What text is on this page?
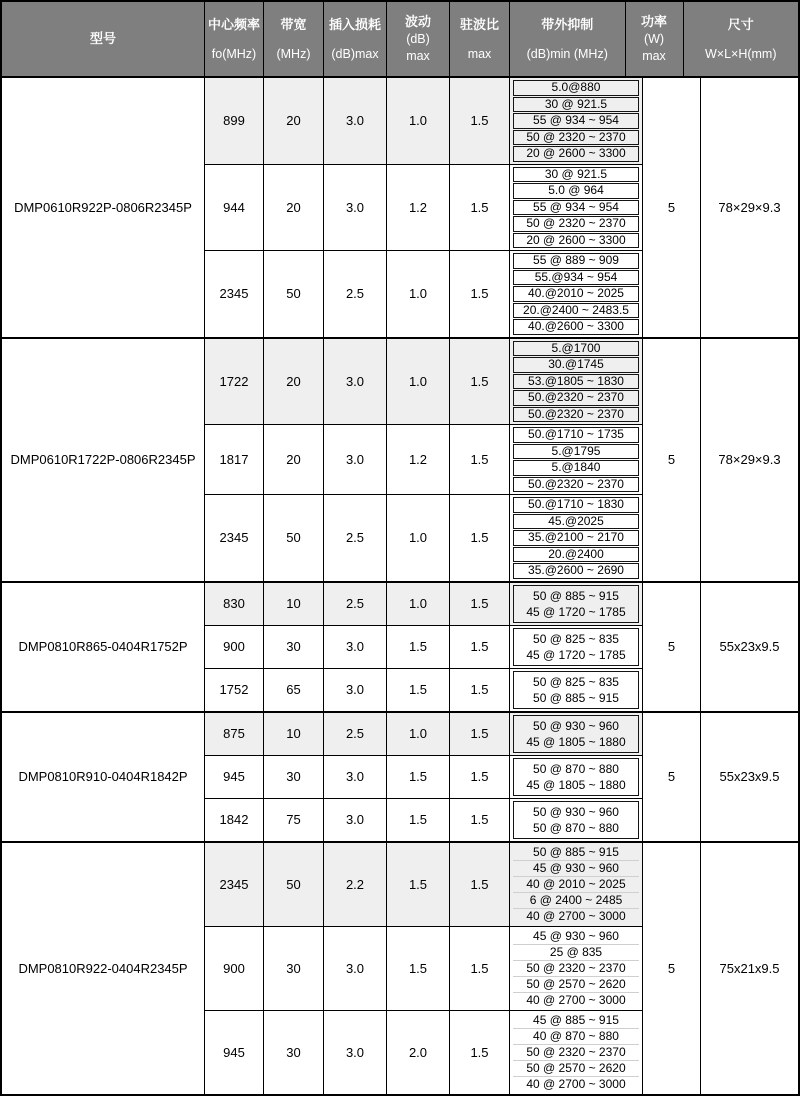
型号
中心频率
fo(MHz)
带宽
(MHz)
插入损耗
(dB)max
波动
(dB)
max
驻波比
max
带外抑制
(dB)min (MHz)
功率
(W)
max
尺寸
W×L×H(mm)
DMP0610R922P-0806R2345P
899	20	3.0	1.0	1.5
5.0@880
30 @ 921.5
55 @ 934 ~ 954
50 @ 2320 ~ 2370
20 @ 2600 ~ 3300
944	20	3.0	1.2	1.5
30 @ 921.5
5.0 @ 964
55 @ 934 ~ 954
50 @ 2320 ~ 2370
20 @ 2600 ~ 3300
2345	50	2.5	1.0	1.5
55 @ 889 ~ 909
55.@934 ~ 954
40.@2010 ~ 2025
20.@2400 ~ 2483.5
40.@2600 ~ 3300
5	78×29×9.3
DMP0610R1722P-0806R2345P
1722	20	3.0	1.0	1.5
5.@1700
30.@1745
53.@1805 ~ 1830
50.@2320 ~ 2370
50.@2320 ~ 2370
1817	20	3.0	1.2	1.5
50.@1710 ~ 1735
5.@1795
5.@1840
50.@2320 ~ 2370
2345	50	2.5	1.0	1.5
50.@1710 ~ 1830
45.@2025
35.@2100 ~ 2170
20.@2400
35.@2600 ~ 2690
5	78×29×9.3
DMP0810R865-0404R1752P
830	10	2.5	1.0	1.5
50 @ 885 ~ 915
45 @ 1720 ~ 1785
900	30	3.0	1.5	1.5
50 @ 825 ~ 835
45 @ 1720 ~ 1785
1752	65	3.0	1.5	1.5
50 @ 825 ~ 835
50 @ 885 ~ 915
5	55x23x9.5
DMP0810R910-0404R1842P
875	10	2.5	1.0	1.5
50 @ 930 ~ 960
45 @ 1805 ~ 1880
945	30	3.0	1.5	1.5
50 @ 870 ~ 880
45 @ 1805 ~ 1880
1842	75	3.0	1.5	1.5
50 @ 930 ~ 960
50 @ 870 ~ 880
5	55x23x9.5
DMP0810R922-0404R2345P
2345	50	2.2	1.5	1.5
50 @ 885 ~ 915
45 @ 930 ~ 960
40 @ 2010 ~ 2025
6 @ 2400 ~ 2485
40 @ 2700 ~ 3000
900	30	3.0	1.5	1.5
45 @ 930 ~ 960
25 @ 835
50 @ 2320 ~ 2370
50 @ 2570 ~ 2620
40 @ 2700 ~ 3000
945	30	3.0	2.0	1.5
45 @ 885 ~ 915
40 @ 870 ~ 880
50 @ 2320 ~ 2370
50 @ 2570 ~ 2620
40 @ 2700 ~ 3000
5	75x21x9.5
